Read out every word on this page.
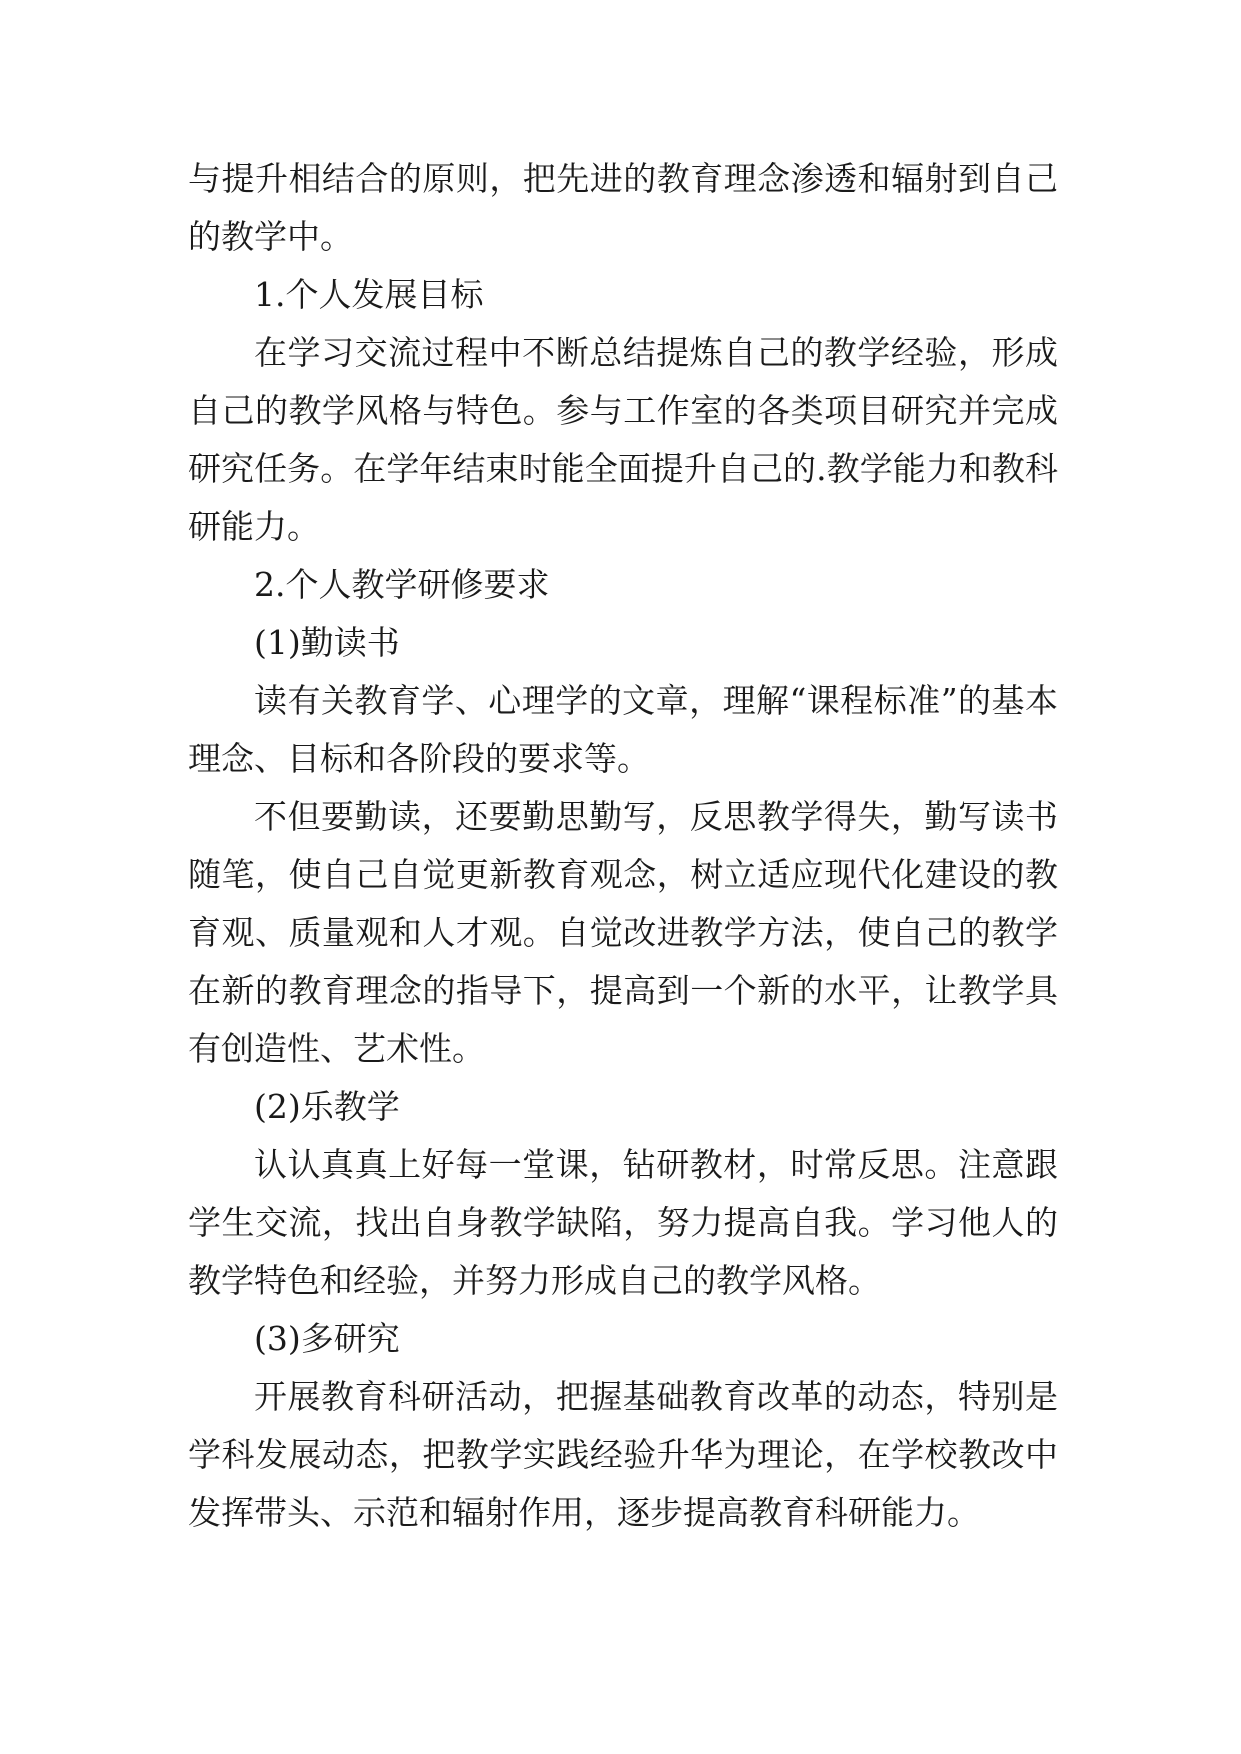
与提升相结合的原则，把先进的教育理念渗透和辐射到自己的教学中。

1.个人发展目标

在学习交流过程中不断总结提炼自己的教学经验，形成自己的教学风格与特色。参与工作室的各类项目研究并完成研究任务。在学年结束时能全面提升自己的.教学能力和教科研能力。

2.个人教学研修要求

(1)勤读书

读有关教育学、心理学的文章，理解“课程标准”的基本理念、目标和各阶段的要求等。

不但要勤读，还要勤思勤写，反思教学得失，勤写读书随笔，使自己自觉更新教育观念，树立适应现代化建设的教育观、质量观和人才观。自觉改进教学方法，使自己的教学在新的教育理念的指导下，提高到一个新的水平，让教学具有创造性、艺术性。

(2)乐教学

认认真真上好每一堂课，钻研教材，时常反思。注意跟学生交流，找出自身教学缺陷，努力提高自我。学习他人的教学特色和经验，并努力形成自己的教学风格。

(3)多研究

开展教育科研活动，把握基础教育改革的动态，特别是学科发展动态，把教学实践经验升华为理论，在学校教改中发挥带头、示范和辐射作用，逐步提高教育科研能力。
